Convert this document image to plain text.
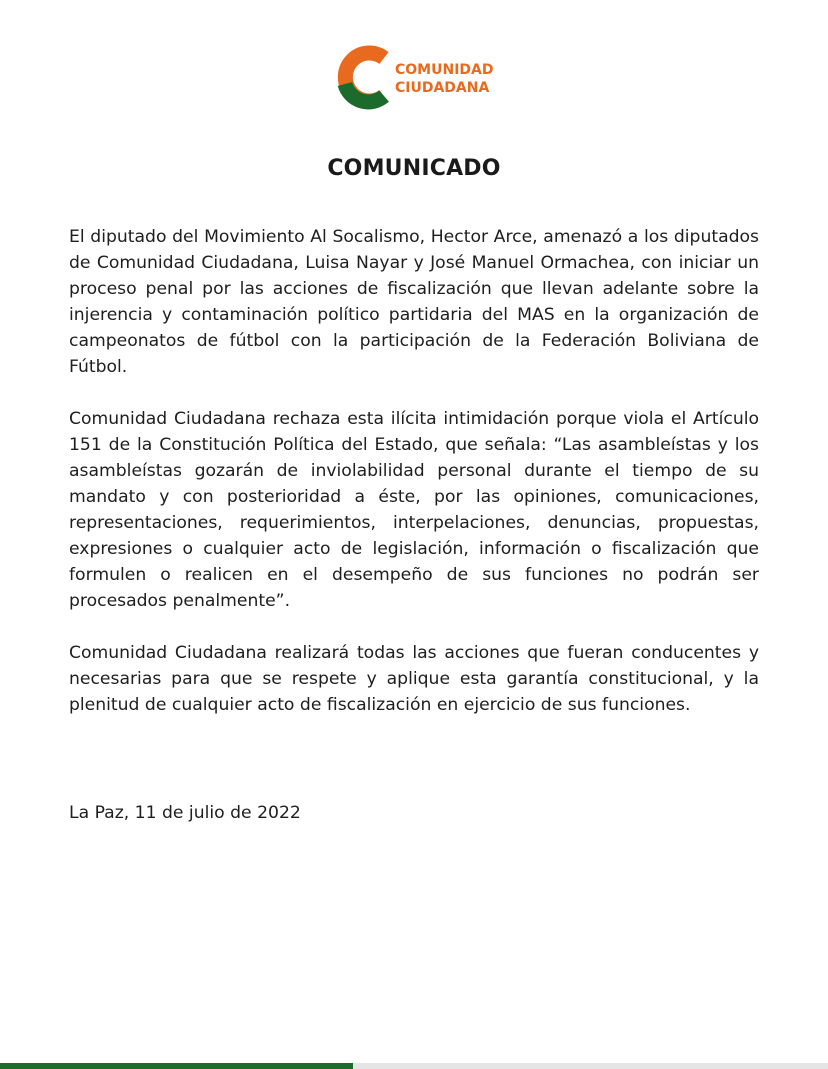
COMUNIDAD
CIUDADANA
COMUNICADO

El diputado del Movimiento Al Socalismo, Hector Arce, amenazó a los diputados de Comunidad Ciudadana, Luisa Nayar y José Manuel Ormachea, con iniciar un proceso penal por las acciones de fiscalización que llevan adelante sobre la injerencia y contaminación político partidaria del MAS en la organización de campeonatos de fútbol con la participación de la Federación Boliviana de Fútbol.

Comunidad Ciudadana rechaza esta ilícita intimidación porque viola el Artículo 151 de la Constitución Política del Estado, que señala: “Las asambleístas y los asambleístas gozarán de inviolabilidad personal durante el tiempo de su mandato y con posterioridad a éste, por las opiniones, comunicaciones, representaciones, requerimientos, interpelaciones, denuncias, propuestas, expresiones o cualquier acto de legislación, información o fiscalización que formulen o realicen en el desempeño de sus funciones no podrán ser procesados penalmente”.

Comunidad Ciudadana realizará todas las acciones que fueran conducentes y necesarias para que se respete y aplique esta garantía constitucional, y la plenitud de cualquier acto de fiscalización en ejercicio de sus funciones.

La Paz, 11 de julio de 2022
